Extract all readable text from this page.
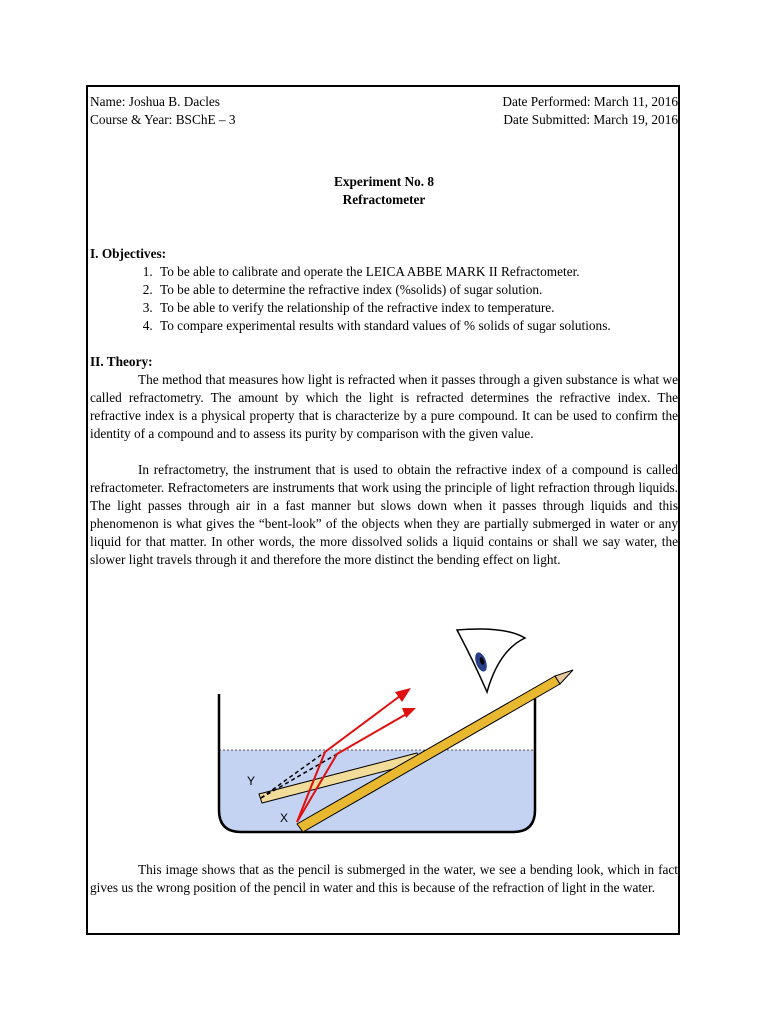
Name: Joshua B. Dacles	Date Performed: March 11, 2016
Course & Year: BSChE – 3	Date Submitted: March 19, 2016
Experiment No. 8
Refractometer
I. Objectives:
1. To be able to calibrate and operate the LEICA ABBE MARK II Refractometer.
2. To be able to determine the refractive index (%solids) of sugar solution.
3. To be able to verify the relationship of the refractive index to temperature.
4. To compare experimental results with standard values of % solids of sugar solutions.
II. Theory:

The method that measures how light is refracted when it passes through a given substance is what we called refractometry. The amount by which the light is refracted determines the refractive index. The refractive index is a physical property that is characterize by a pure compound. It can be used to confirm the identity of a compound and to assess its purity by comparison with the given value.

In refractometry, the instrument that is used to obtain the refractive index of a compound is called refractometer. Refractometers are instruments that work using the principle of light refraction through liquids. The light passes through air in a fast manner but slows down when it passes through liquids and this phenomenon is what gives the “bent-look” of the objects when they are partially submerged in water or any liquid for that matter. In other words, the more dissolved solids a liquid contains or shall we say water, the slower light travels through it and therefore the more distinct the bending effect on light.

Y
X
This image shows that as the pencil is submerged in the water, we see a bending look, which in fact gives us the wrong position of the pencil in water and this is because of the refraction of light in the water.
